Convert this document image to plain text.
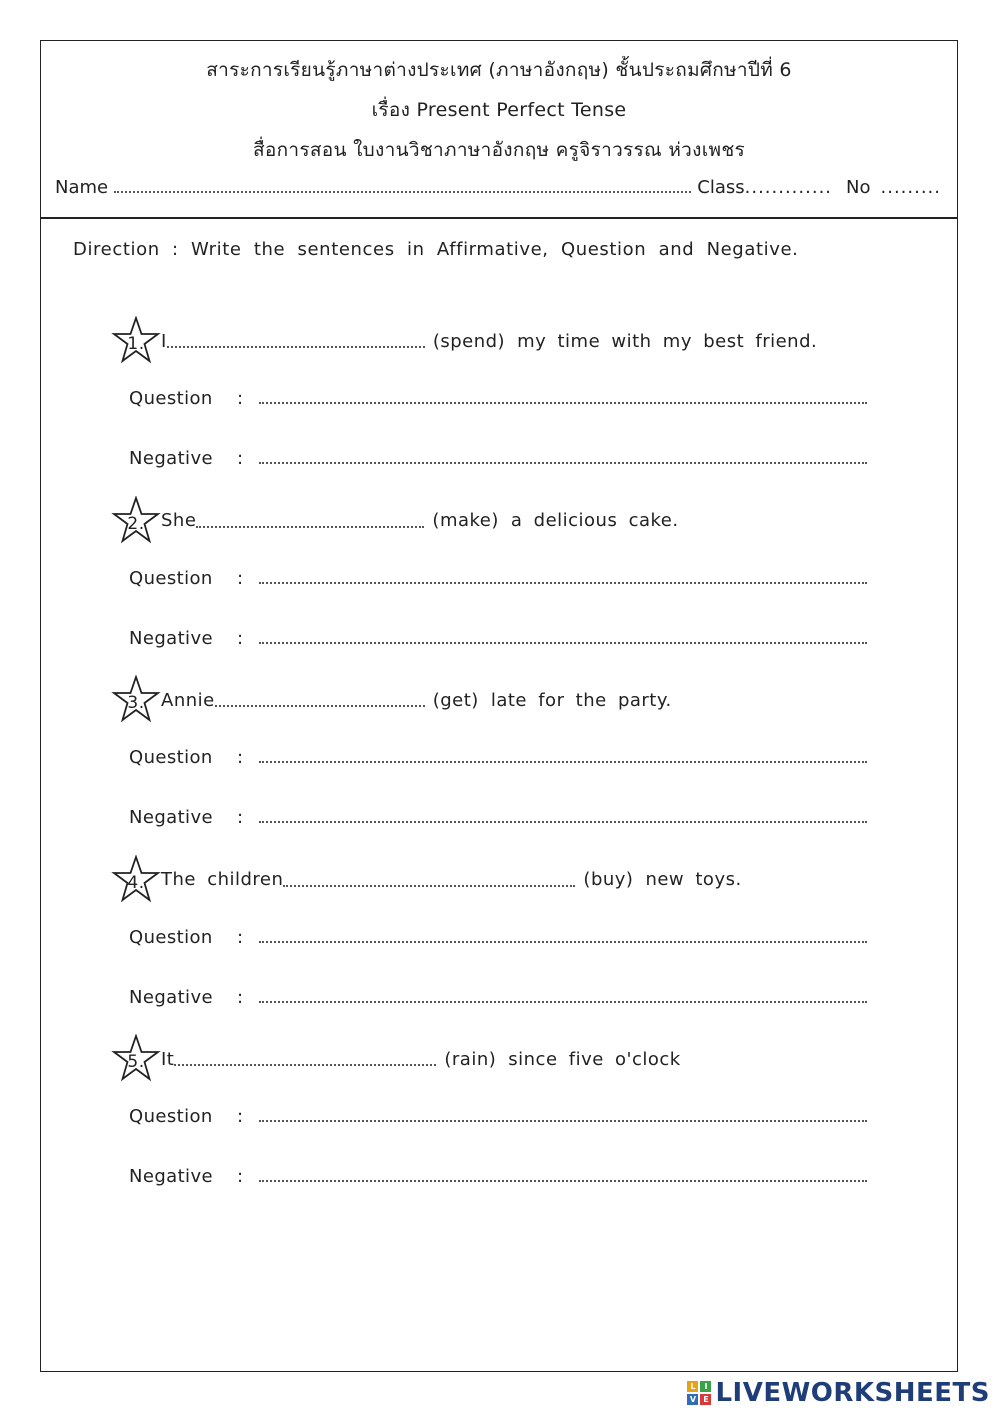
สาระการเรียนรู้ภาษาต่างประเทศ (ภาษาอังกฤษ) ชั้นประถมศึกษาปีที่ 6
เรื่อง Present Perfect Tense
สื่อการสอน ใบงานวิชาภาษาอังกฤษ ครูจิราวรรณ ห่วงเพชร
Name	Class ............. No .........
Direction : Write the sentences in Affirmative, Question and Negative.
1. I	(spend) my time with my best friend.
Question	:
Negative	:
2. She	(make) a delicious cake.
Question	:
Negative	:
3. Annie	(get) late for the party.
Question	:
Negative	:
4. The children	(buy) new toys.
Question	:
Negative	:
5. It	(rain) since five o'clock
Question	:
Negative	:
L	I
V E LIVEWORKSHEETS
